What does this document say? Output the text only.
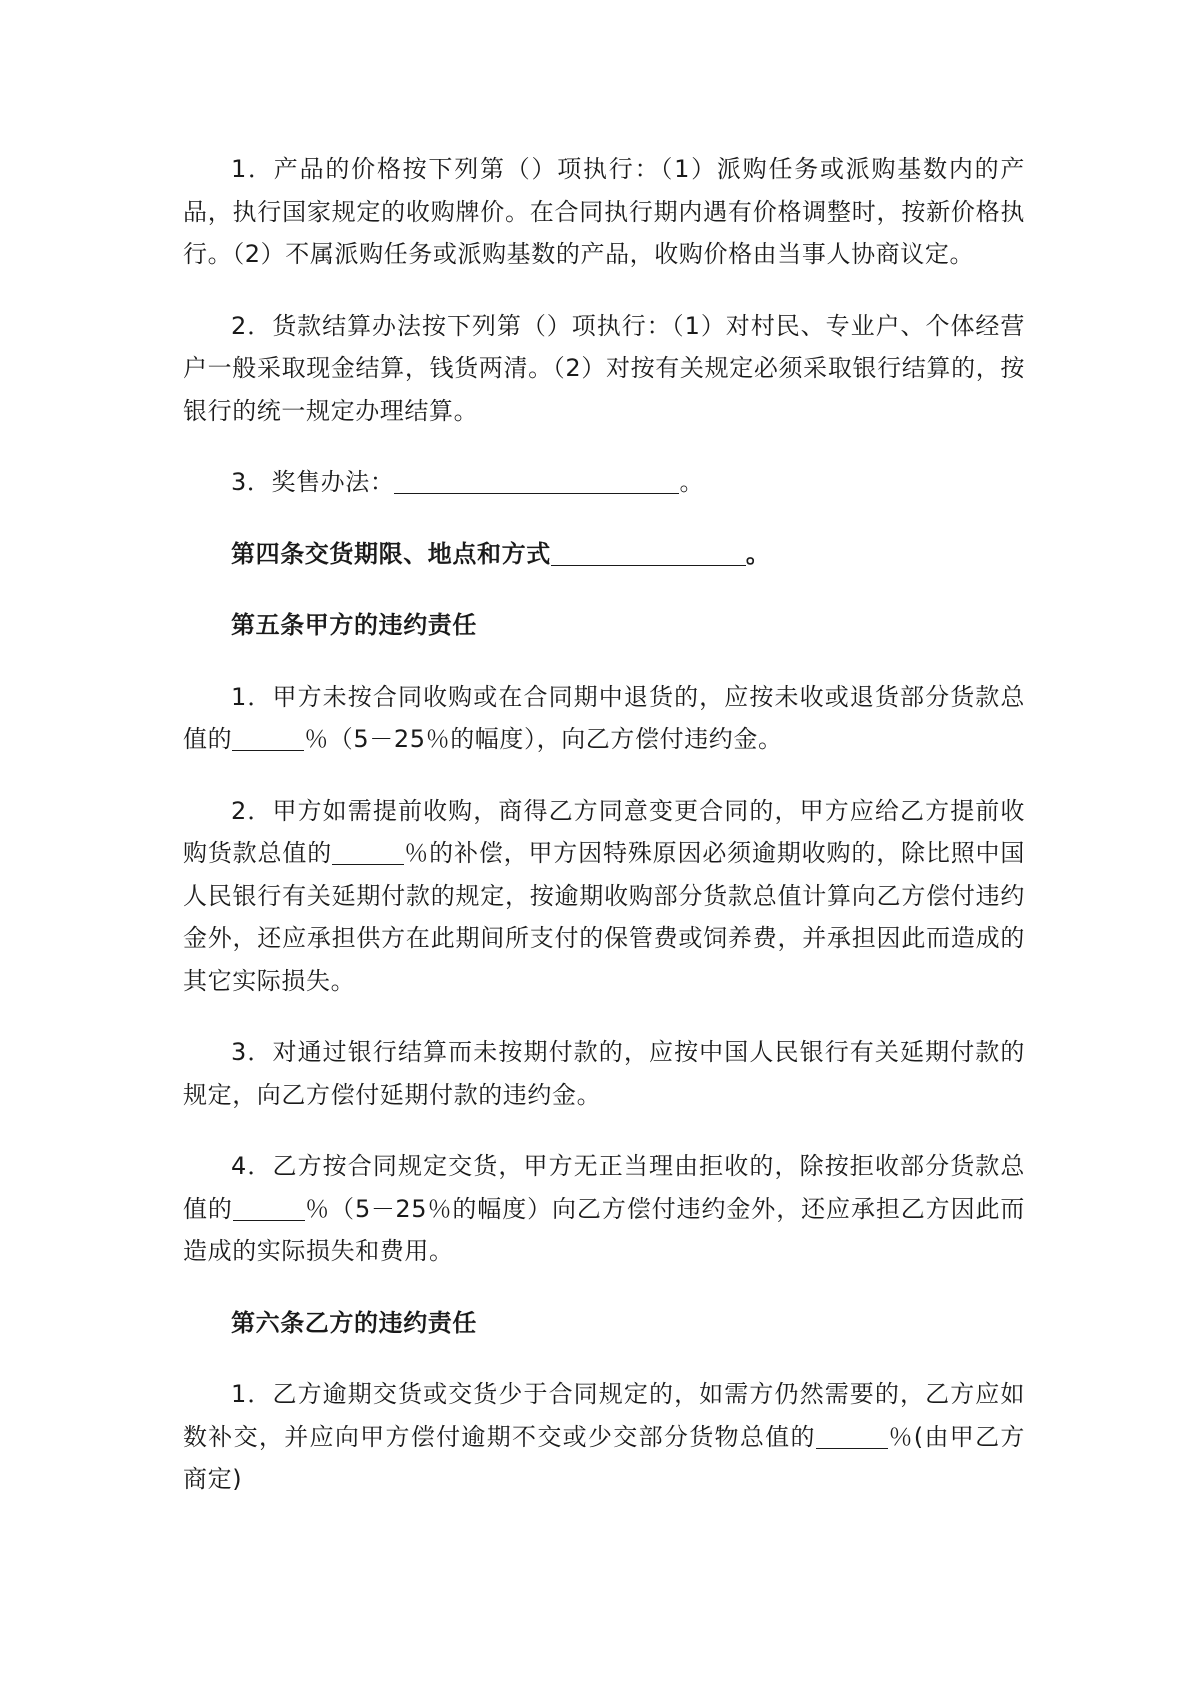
1．产品的价格按下列第（）项执行：（1）派购任务或派购基数内的产品，执行国家规定的收购牌价。在合同执行期内遇有价格调整时，按新价格执行。（2）不属派购任务或派购基数的产品，收购价格由当事人协商议定。

2．货款结算办法按下列第（）项执行：（1）对村民、专业户、个体经营户一般采取现金结算，钱货两清。（2）对按有关规定必须采取银行结算的，按银行的统一规定办理结算。

3．奖售办法：	。

第四条交货期限、地点和方式	。

第五条甲方的违约责任

1．甲方未按合同收购或在合同期中退货的，应按未收或退货部分货款总值的	％（5－25％的幅度），向乙方偿付违约金。

2．甲方如需提前收购，商得乙方同意变更合同的，甲方应给乙方提前收购货款总值的	％的补偿，甲方因特殊原因必须逾期收购的，除比照中国人民银行有关延期付款的规定，按逾期收购部分货款总值计算向乙方偿付违约金外，还应承担供方在此期间所支付的保管费或饲养费，并承担因此而造成的其它实际损失。

3．对通过银行结算而未按期付款的，应按中国人民银行有关延期付款的规定，向乙方偿付延期付款的违约金。

4．乙方按合同规定交货，甲方无正当理由拒收的，除按拒收部分货款总值的	％（5－25％的幅度）向乙方偿付违约金外，还应承担乙方因此而造成的实际损失和费用。

第六条乙方的违约责任

1．乙方逾期交货或交货少于合同规定的，如需方仍然需要的，乙方应如数补交，并应向甲方偿付逾期不交或少交部分货物总值的	％(由甲乙方商定)
